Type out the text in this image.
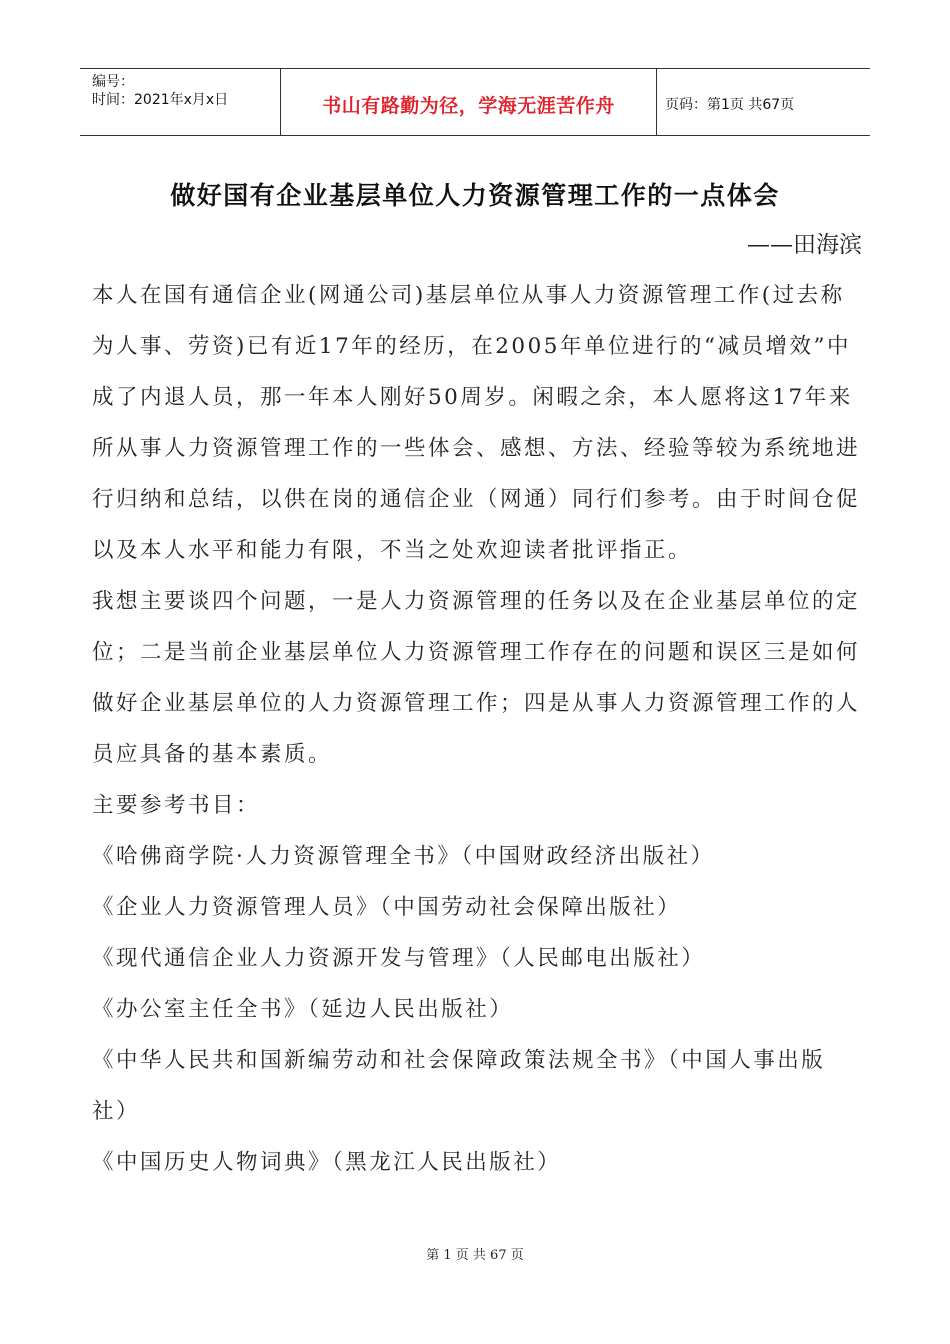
编号：
时间：2021年x月x日	书山有路勤为径，学海无涯苦作舟	页码：第1页 共67页
做好国有企业基层单位人力资源管理工作的一点体会
——田海滨

本人在国有通信企业(网通公司)基层单位从事人力资源管理工作(过去称为人事、劳资)已有近17年的经历，在2005年单位进行的“减员增效”中成了内退人员，那一年本人刚好50周岁。闲暇之余，本人愿将这17年来所从事人力资源管理工作的一些体会、感想、方法、经验等较为系统地进行归纳和总结，以供在岗的通信企业（网通）同行们参考。由于时间仓促以及本人水平和能力有限，不当之处欢迎读者批评指正。

我想主要谈四个问题，一是人力资源管理的任务以及在企业基层单位的定位；二是当前企业基层单位人力资源管理工作存在的问题和误区三是如何做好企业基层单位的人力资源管理工作；四是从事人力资源管理工作的人员应具备的基本素质。

主要参考书目：

《哈佛商学院·人力资源管理全书》（中国财政经济出版社）

《企业人力资源管理人员》（中国劳动社会保障出版社）

《现代通信企业人力资源开发与管理》（人民邮电出版社）

《办公室主任全书》（延边人民出版社）

《中华人民共和国新编劳动和社会保障政策法规全书》（中国人事出版社）

《中国历史人物词典》（黑龙江人民出版社）

第 1 页 共 67 页
